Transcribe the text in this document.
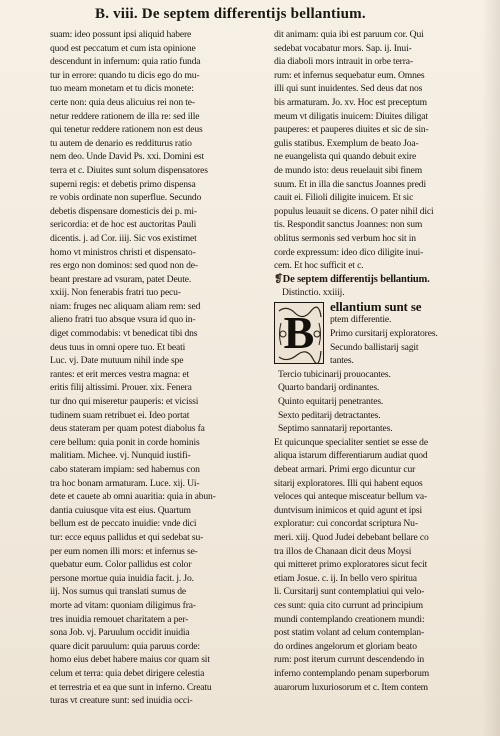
B. viii. De septem differentijs bellantium.
suam: ideo possunt ipsi aliquid habere
quod est peccatum et cum ista opinione
descendunt in infernum: quia ratio funda
tur in errore: quando tu dicis ego do mu-
tuo meam monetam et tu dicis monete:
certe non: quia deus alicuius rei non te-
netur reddere rationem de illa re: sed ille
qui tenetur reddere rationem non est deus
tu autem de denario es redditurus ratio
nem deo. Unde David Ps. xxi. Domini est
terra et c. Diuites sunt solum dispensatores
superni regis: et debetis primo dispensa
re vobis ordinate non superflue. Secundo
debetis dispensare domesticis dei p. mi-
sericordia: et de hoc est auctoritas Pauli
dicentis. j. ad Cor. iiij. Sic vos existimet
homo vt ministros christi et dispensato-
res ergo non dominos: sed quod non de-
beant prestare ad vsuram, patet Deute.
xxiij. Non fenerabis fratri tuo pecu-
niam: fruges nec aliquam aliam rem: sed
alieno fratri tuo absque vsura id quo in-
diget commodabis: vt benedicat tibi dns
deus tuus in omni opere tuo. Et beati
Luc. vj. Date mutuum nihil inde spe
rantes: et erit merces vestra magna: et
eritis filij altissimi. Prouer. xix. Fenera
tur dno qui miseretur pauperis: et vicissi
tudinem suam retribuet ei. Ideo portat
deus stateram per quam potest diabolus fa
cere bellum: quia ponit in corde hominis
malitiam. Michee. vj. Nunquid iustifi-
cabo stateram impiam: sed habemus con
tra hoc bonam armaturam. Luce. xij. Ui-
dete et cauete ab omni auaritia: quia in abun-
dantia cuiusque vita est eius. Quartum
bellum est de peccato inuidie: vnde dici
tur: ecce equus pallidus et qui sedebat su-
per eum nomen illi mors: et infernus se-
quebatur eum. Color pallidus est color
persone mortue quia inuidia facit. j. Jo.
iij. Nos sumus qui translati sumus de
morte ad vitam: quoniam diligimus fra-
tres inuidia remouet charitatem a per-
sona Job. vj. Paruulum occidit inuidia
quare dicit paruulum: quia paruus corde:
homo eius debet habere maius cor quam sit
celum et terra: quia debet dirigere celestia
et terrestria et ea que sunt in inferno. Creatu
turas vt creature sunt: sed inuidia occi-
dit animam: quia ibi est paruum cor. Qui
sedebat vocabatur mors. Sap. ij. Inui-
dia diaboli mors intrauit in orbe terra-
rum: et infernus sequebatur eum. Omnes
illi qui sunt inuidentes. Sed deus dat nos
bis armaturam. Jo. xv. Hoc est preceptum
meum vt diligatis inuicem: Diuites diligat
pauperes: et pauperes diuites et sic de sin-
gulis statibus. Exemplum de beato Joa-
ne euangelista qui quando debuit exire
de mundo isto: deus reuelauit sibi finem
suum. Et in illa die sanctus Joannes predi
cauit ei. Filioli diligite inuicem. Et sic
populus leuauit se dicens. O pater nihil dici
tis. Respondit sanctus Joannes: non sum
oblitus sermonis sed verbum hoc sit in
corde expressum: ideo dico diligite inui-
cem. Et hoc sufficit et c.
❡De septem differentijs bellantium.
Distinctio. xxiiij.
B
ellantium sunt se
ptem differentie.
Primo cursitarij exploratores.
Secundo ballistarij sagit
tantes.
Tercio tubicinarij prouocantes.
Quarto bandarij ordinantes.
Quinto equitarij penetrantes.
Sexto peditarij detractantes.
Septimo sannatarij reportantes.
Et quicunque specialiter sentiet se esse de
aliqua istarum differentiarum audiat quod
debeat armari. Primi ergo dicuntur cur
sitarij exploratores. Illi qui habent equos
veloces qui anteque misceatur bellum va-
duntvisum inimicos et quid agunt et ipsi
exploratur: cui concordat scriptura Nu-
meri. xiij. Quod Judei debebant bellare co
tra illos de Chanaan dicit deus Moysi
qui mitteret primo exploratores sicut fecit
etiam Josue. c. ij. In bello vero spiritua
li. Cursitarij sunt contemplatiui qui velo-
ces sunt: quia cito currunt ad principium
mundi contemplando creationem mundi:
post statim volant ad celum contemplan-
do ordines angelorum et gloriam beato
rum: post iterum currunt descendendo in
inferno contemplando penam superborum
auarorum luxuriosorum et c. Item contem
